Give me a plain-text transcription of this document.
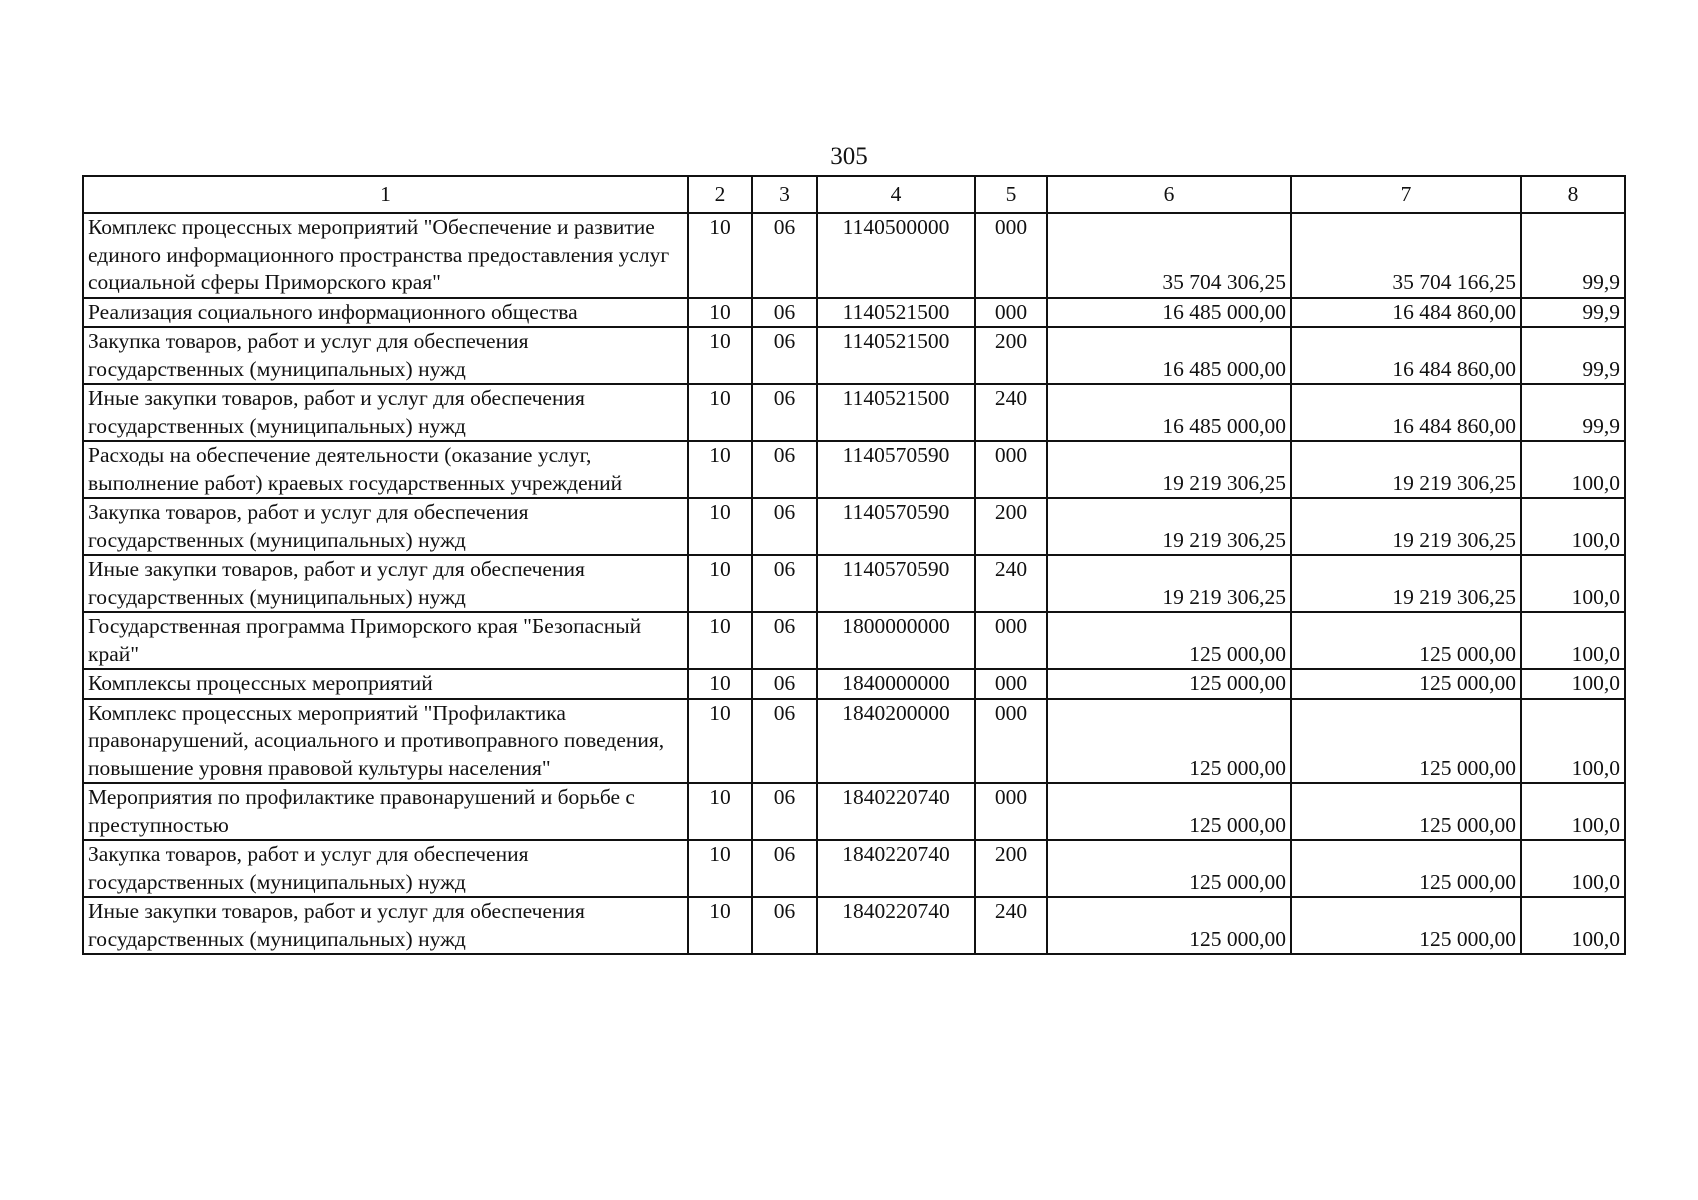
305
1	2	3	4	5	6	7	8
Комплекс процессных мероприятий "Обеспечение и развитие единого информационного пространства предоставления услуг социальной сферы Приморского края"	10	06	1140500000	000	35 704 306,25	35 704 166,25	99,9
Реализация социального информационного общества	10	06	1140521500	000	16 485 000,00	16 484 860,00	99,9
Закупка товаров, работ и услуг для обеспечения государственных (муниципальных) нужд	10	06	1140521500	200	16 485 000,00	16 484 860,00	99,9
Иные закупки товаров, работ и услуг для обеспечения государственных (муниципальных) нужд	10	06	1140521500	240	16 485 000,00	16 484 860,00	99,9
Расходы на обеспечение деятельности (оказание услуг, выполнение работ) краевых государственных учреждений	10	06	1140570590	000	19 219 306,25	19 219 306,25	100,0
Закупка товаров, работ и услуг для обеспечения государственных (муниципальных) нужд	10	06	1140570590	200	19 219 306,25	19 219 306,25	100,0
Иные закупки товаров, работ и услуг для обеспечения государственных (муниципальных) нужд	10	06	1140570590	240	19 219 306,25	19 219 306,25	100,0
Государственная программа Приморского края "Безопасный край"	10	06	1800000000	000	125 000,00	125 000,00	100,0
Комплексы процессных мероприятий	10	06	1840000000	000	125 000,00	125 000,00	100,0
Комплекс процессных мероприятий "Профилактика правонарушений, асоциального и противоправного поведения, повышение уровня правовой культуры населения"	10	06	1840200000	000	125 000,00	125 000,00	100,0
Мероприятия по профилактике правонарушений и борьбе с преступностью	10	06	1840220740	000	125 000,00	125 000,00	100,0
Закупка товаров, работ и услуг для обеспечения государственных (муниципальных) нужд	10	06	1840220740	200	125 000,00	125 000,00	100,0
Иные закупки товаров, работ и услуг для обеспечения государственных (муниципальных) нужд	10	06	1840220740	240	125 000,00	125 000,00	100,0
